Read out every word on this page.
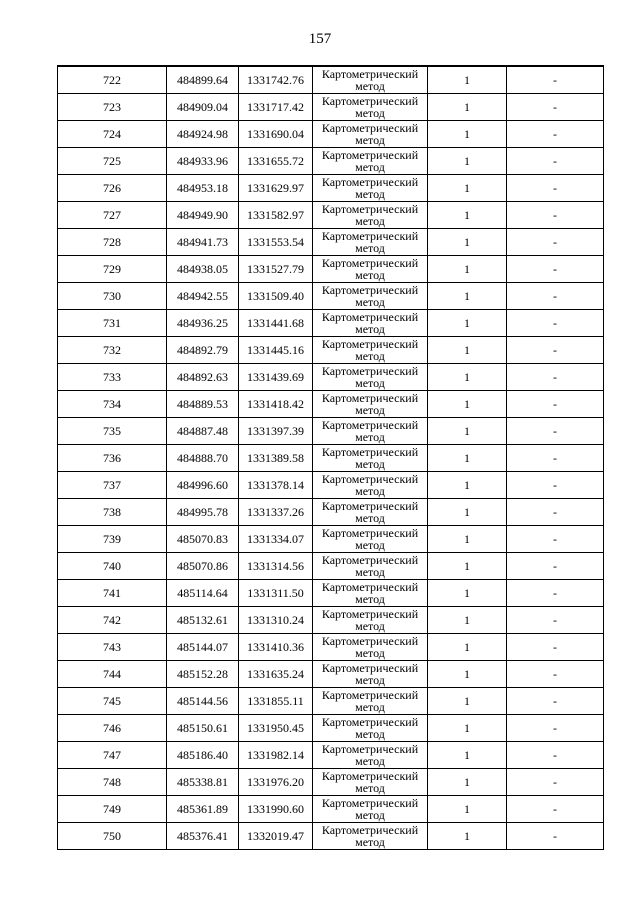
157
722	484899.64	1331742.76	Картометрический метод	1	-
723	484909.04	1331717.42	Картометрический метод	1	-
724	484924.98	1331690.04	Картометрический метод	1	-
725	484933.96	1331655.72	Картометрический метод	1	-
726	484953.18	1331629.97	Картометрический метод	1	-
727	484949.90	1331582.97	Картометрический метод	1	-
728	484941.73	1331553.54	Картометрический метод	1	-
729	484938.05	1331527.79	Картометрический метод	1	-
730	484942.55	1331509.40	Картометрический метод	1	-
731	484936.25	1331441.68	Картометрический метод	1	-
732	484892.79	1331445.16	Картометрический метод	1	-
733	484892.63	1331439.69	Картометрический метод	1	-
734	484889.53	1331418.42	Картометрический метод	1	-
735	484887.48	1331397.39	Картометрический метод	1	-
736	484888.70	1331389.58	Картометрический метод	1	-
737	484996.60	1331378.14	Картометрический метод	1	-
738	484995.78	1331337.26	Картометрический метод	1	-
739	485070.83	1331334.07	Картометрический метод	1	-
740	485070.86	1331314.56	Картометрический метод	1	-
741	485114.64	1331311.50	Картометрический метод	1	-
742	485132.61	1331310.24	Картометрический метод	1	-
743	485144.07	1331410.36	Картометрический метод	1	-
744	485152.28	1331635.24	Картометрический метод	1	-
745	485144.56	1331855.11	Картометрический метод	1	-
746	485150.61	1331950.45	Картометрический метод	1	-
747	485186.40	1331982.14	Картометрический метод	1	-
748	485338.81	1331976.20	Картометрический метод	1	-
749	485361.89	1331990.60	Картометрический метод	1	-
750	485376.41	1332019.47	Картометрический метод	1	-
